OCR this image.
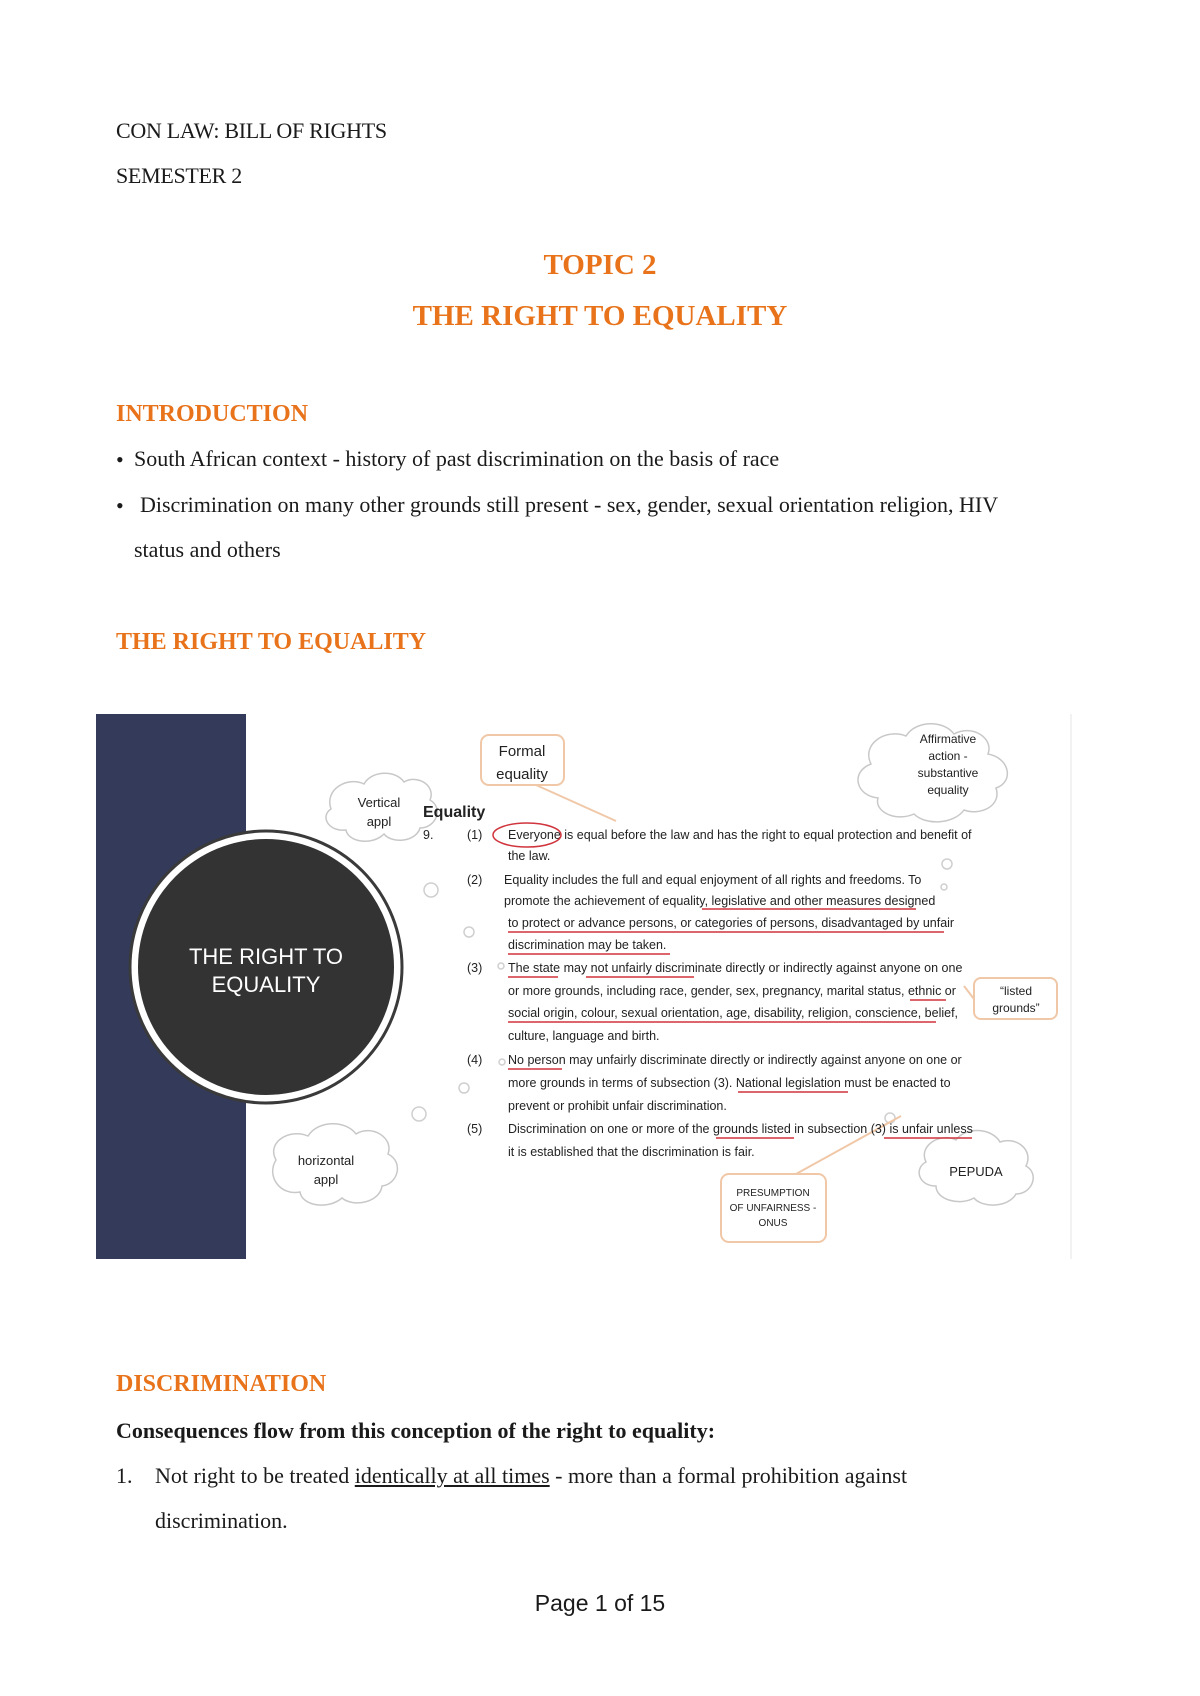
CON LAW: BILL OF RIGHTS
SEMESTER 2
TOPIC 2
THE RIGHT TO EQUALITY
INTRODUCTION
• South African context - history of past discrimination on the basis of race
• Discrimination on many other grounds still present - sex, gender, sexual orientation religion, HIV
status and others
THE RIGHT TO EQUALITY
THE RIGHT TO
EQUALITY
Vertical
appl
Formal
equality
Affirmative
action -
substantive
equality
“listed
grounds”
horizontal
appl
PRESUMPTION
OF UNFAIRNESS -
ONUS
PEPUDA
Equality
9.	(1) Everyone is equal before the law and has the right to equal protection and benefit of
the law.
(2) Equality includes the full and equal enjoyment of all rights and freedoms. To
promote the achievement of equality, legislative and other measures designed
to protect or advance persons, or categories of persons, disadvantaged by unfair
discrimination may be taken.
(3) The state may not unfairly discriminate directly or indirectly against anyone on one
or more grounds, including race, gender, sex, pregnancy, marital status, ethnic or
social origin, colour, sexual orientation, age, disability, religion, conscience, belief,
culture, language and birth.
(4) No person may unfairly discriminate directly or indirectly against anyone on one or
more grounds in terms of subsection (3). National legislation must be enacted to
prevent or prohibit unfair discrimination.
(5) Discrimination on one or more of the grounds listed in subsection (3) is unfair unless
it is established that the discrimination is fair.
DISCRIMINATION
Consequences flow from this conception of the right to equality:
1. Not right to be treated identically at all times - more than a formal prohibition against
discrimination.
Page 1 of 15
